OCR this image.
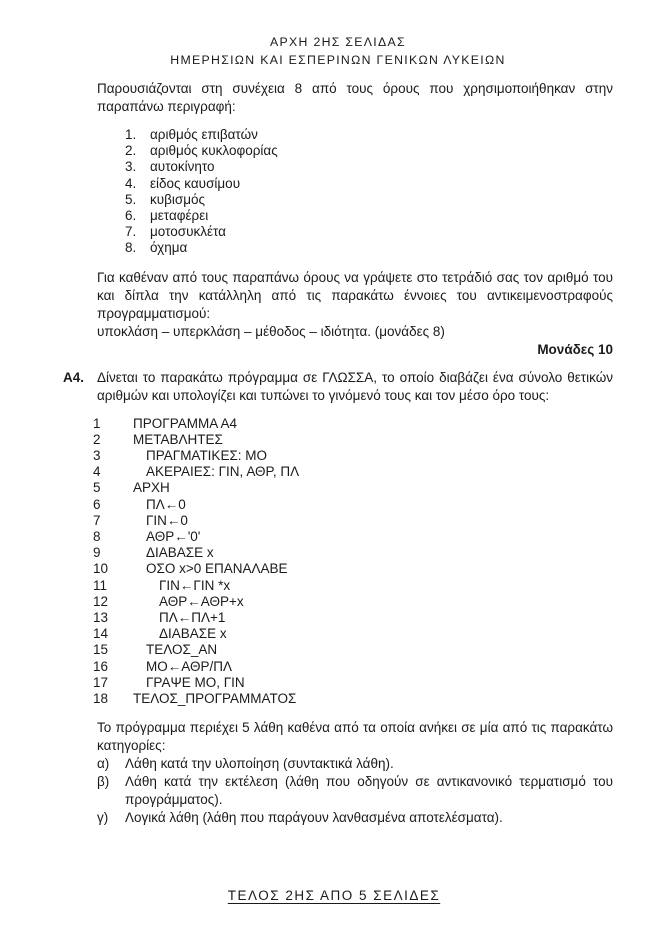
ΑΡΧΗ 2ΗΣ ΣΕΛΙΔΑΣ
ΗΜΕΡΗΣΙΩΝ ΚΑΙ ΕΣΠΕΡΙΝΩΝ ΓΕΝΙΚΩΝ ΛΥΚΕΙΩΝ
Παρουσιάζονται στη συνέχεια 8 από τους όρους που χρησιμοποιήθηκαν στην παραπάνω περιγραφή:
1.	αριθμός επιβατών
2.	αριθμός κυκλοφορίας
3.	αυτοκίνητο
4.	είδος καυσίμου
5.	κυβισμός
6.	μεταφέρει
7.	μοτοσυκλέτα
8.	όχημα
Για καθέναν από τους παραπάνω όρους να γράψετε στο τετράδιό σας τον αριθμό του και δίπλα την κατάλληλη από τις παρακάτω έννοιες του αντικειμενοστραφούς προγραμματισμού:
υποκλάση – υπερκλάση – μέθοδος – ιδιότητα. (μονάδες 8)
Μονάδες 10
Α4. Δίνεται το παρακάτω πρόγραμμα σε ΓΛΩΣΣΑ, το οποίο διαβάζει ένα σύνολο θετικών αριθμών και υπολογίζει και τυπώνει το γινόμενό τους και τον μέσο όρο τους:
1	ΠΡΟΓΡΑΜΜΑ Α4
2	ΜΕΤΑΒΛΗΤΕΣ
3	ΠΡΑΓΜΑΤΙΚΕΣ: ΜΟ
4	ΑΚΕΡΑΙΕΣ: ΓΙΝ, ΑΘΡ, ΠΛ
5	ΑΡΧΗ
6	ΠΛ←0
7	ΓΙΝ←0
8	ΑΘΡ←'0'
9	ΔΙΑΒΑΣΕ x
10	ΟΣΟ x>0 ΕΠΑΝΑΛΑΒΕ
11	ΓΙΝ←ΓΙΝ *x
12	ΑΘΡ←ΑΘΡ+x
13	ΠΛ←ΠΛ+1
14	ΔΙΑΒΑΣΕ x
15	ΤΕΛΟΣ_ΑΝ
16	ΜΟ←ΑΘΡ/ΠΛ
17	ΓΡΑΨΕ ΜΟ, ΓΙΝ
18	ΤΕΛΟΣ_ΠΡΟΓΡΑΜΜΑΤΟΣ
Το πρόγραμμα περιέχει 5 λάθη καθένα από τα οποία ανήκει σε μία από τις παρακάτω κατηγορίες:
α)	Λάθη κατά την υλοποίηση (συντακτικά λάθη).
β)	Λάθη κατά την εκτέλεση (λάθη που οδηγούν σε αντικανονικό τερματισμό του προγράμματος).
γ)	Λογικά λάθη (λάθη που παράγουν λανθασμένα αποτελέσματα).
ΤΕΛΟΣ 2ΗΣ ΑΠΟ 5 ΣΕΛΙΔΕΣ
